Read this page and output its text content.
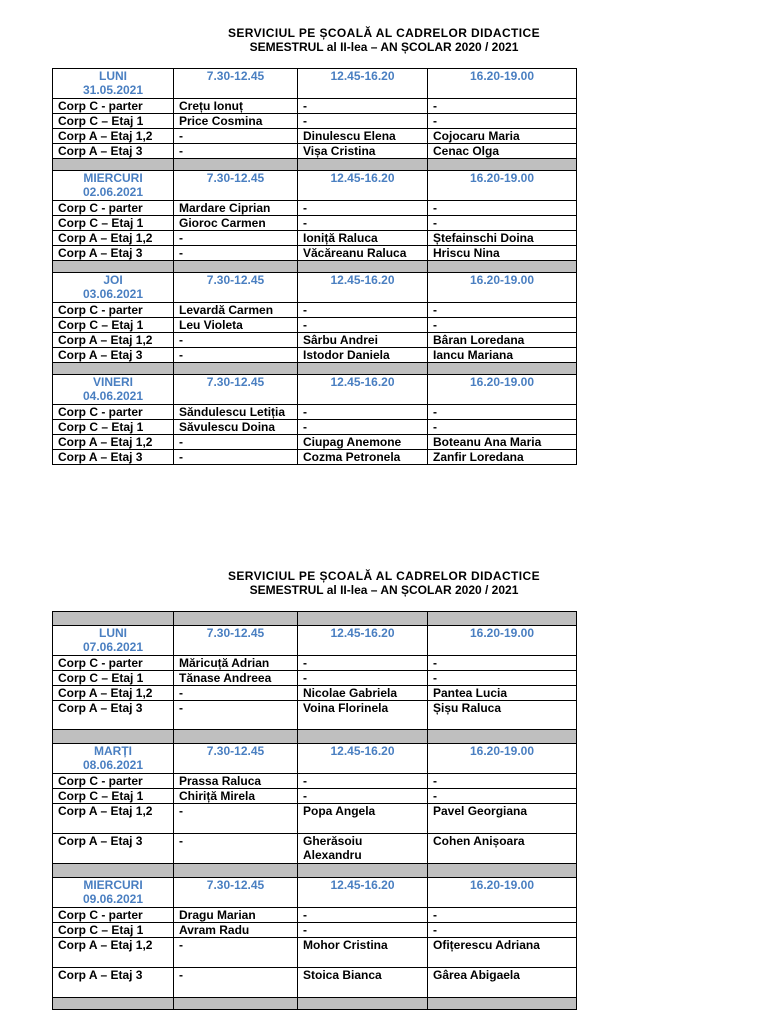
SERVICIUL PE ȘCOALĂ AL CADRELOR DIDACTICE
SEMESTRUL al II-lea – AN ȘCOLAR 2020 / 2021
LUNI
31.05.2021	7.30-12.45	12.45-16.20	16.20-19.00
Corp C - parter	Crețu Ionuț	-	-
Corp C – Etaj 1	Price Cosmina	-	-
Corp A – Etaj 1,2	-	Dinulescu Elena	Cojocaru Maria
Corp A – Etaj 3	-	Vișa Cristina	Cenac Olga

MIERCURI
02.06.2021	7.30-12.45	12.45-16.20	16.20-19.00
Corp C - parter	Mardare Ciprian	-	-
Corp C – Etaj 1	Gioroc Carmen	-	-
Corp A – Etaj 1,2	-	Ioniță Raluca	Ștefainschi Doina
Corp A – Etaj 3	-	Văcăreanu Raluca	Hriscu Nina

JOI
03.06.2021	7.30-12.45	12.45-16.20	16.20-19.00
Corp C - parter	Levardă Carmen	-	-
Corp C – Etaj 1	Leu Violeta	-	-
Corp A – Etaj 1,2	-	Sârbu Andrei	Bâran Loredana
Corp A – Etaj 3	-	Istodor Daniela	Iancu Mariana

VINERI
04.06.2021	7.30-12.45	12.45-16.20	16.20-19.00
Corp C - parter	Săndulescu Letiția	-	-
Corp C – Etaj 1	Săvulescu Doina	-	-
Corp A – Etaj 1,2	-	Ciupag Anemone	Boteanu Ana Maria
Corp A – Etaj 3	-	Cozma Petronela	Zanfir Loredana
SERVICIUL PE ȘCOALĂ AL CADRELOR DIDACTICE
SEMESTRUL al II-lea – AN ȘCOLAR 2020 / 2021

LUNI
07.06.2021	7.30-12.45	12.45-16.20	16.20-19.00
Corp C - parter	Măricuță Adrian	-	-
Corp C – Etaj 1	Tănase Andreea	-	-
Corp A – Etaj 1,2	-	Nicolae Gabriela	Pantea Lucia
Corp A – Etaj 3	-	Voina Florinela	Șișu Raluca

MARȚI
08.06.2021	7.30-12.45	12.45-16.20	16.20-19.00
Corp C - parter	Prassa Raluca	-	-
Corp C – Etaj 1	Chiriță Mirela	-	-
Corp A – Etaj 1,2	-	Popa Angela	Pavel Georgiana
Corp A – Etaj 3	-	Gherăsoiu Alexandru	Cohen Anișoara

MIERCURI
09.06.2021	7.30-12.45	12.45-16.20	16.20-19.00
Corp C - parter	Dragu Marian	-	-
Corp C – Etaj 1	Avram Radu	-	-
Corp A – Etaj 1,2	-	Mohor Cristina	Ofițerescu Adriana
Corp A – Etaj 3	-	Stoica Bianca	Gârea Abigaela
